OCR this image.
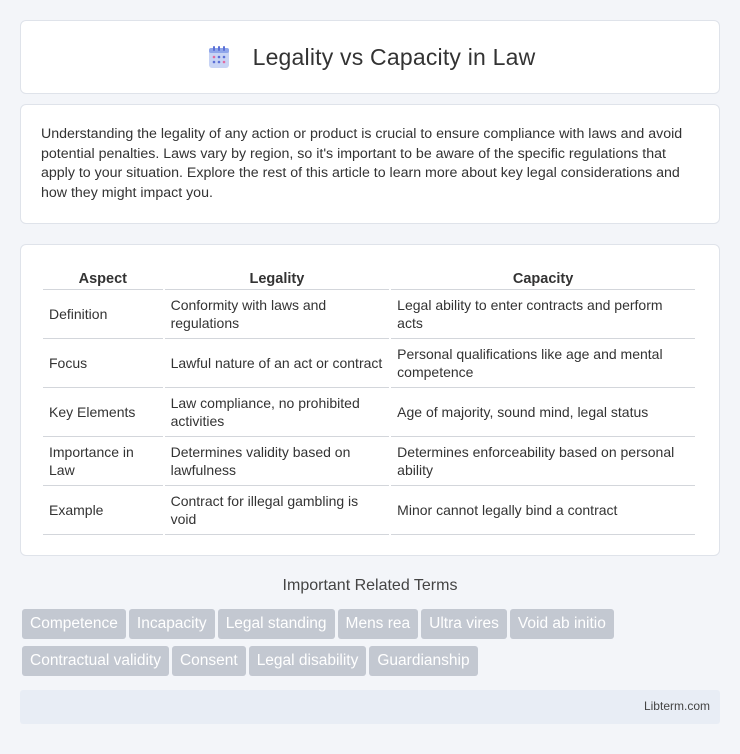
Legality vs Capacity in Law

Understanding the legality of any action or product is crucial to ensure compliance with laws and avoid potential penalties. Laws vary by region, so it's important to be aware of the specific regulations that apply to your situation. Explore the rest of this article to learn more about key legal considerations and how they might impact you.

Aspect	Legality	Capacity
Definition	Conformity with laws and regulations	Legal ability to enter contracts and perform acts
Focus	Lawful nature of an act or contract	Personal qualifications like age and mental competence
Key Elements	Law compliance, no prohibited activities	Age of majority, sound mind, legal status
Importance in Law	Determines validity based on lawfulness	Determines enforceability based on personal ability
Example	Contract for illegal gambling is void	Minor cannot legally bind a contract
Important Related Terms
Competence Incapacity Legal standing Mens rea Ultra vires Void ab initio
Contractual validity Consent Legal disability Guardianship
Libterm.com
